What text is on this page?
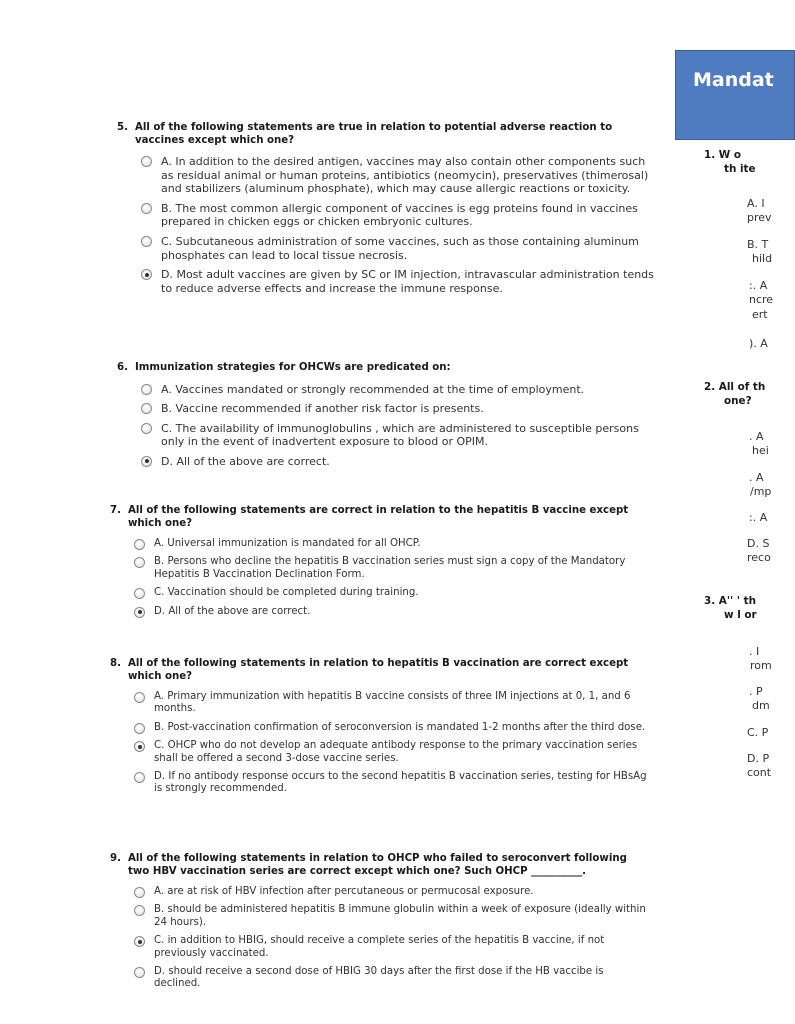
5. All of the following statements are true in relation to potential adverse reaction to vaccines except which one?
A. In addition to the desired antigen, vaccines may also contain other components such as residual animal or human proteins, antibiotics (neomycin), preservatives (thimerosal) and stabilizers (aluminum phosphate), which may cause allergic reactions or toxicity.
B. The most common allergic component of vaccines is egg proteins found in vaccines prepared in chicken eggs or chicken embryonic cultures.
C. Subcutaneous administration of some vaccines, such as those containing aluminum phosphates can lead to local tissue necrosis.
D. Most adult vaccines are given by SC or IM injection, intravascular administration tends to reduce adverse effects and increase the immune response.
6. Immunization strategies for OHCWs are predicated on:
A. Vaccines mandated or strongly recommended at the time of employment.
B. Vaccine recommended if another risk factor is presents.
C. The availability of immunoglobulins , which are administered to susceptible persons only in the event of inadvertent exposure to blood or OPIM.
D. All of the above are correct.
7. All of the following statements are correct in relation to the hepatitis B vaccine except which one?
A. Universal immunization is mandated for all OHCP.
B. Persons who decline the hepatitis B vaccination series must sign a copy of the Mandatory Hepatitis B Vaccination Declination Form.
C. Vaccination should be completed during training.
D. All of the above are correct.
8. All of the following statements in relation to hepatitis B vaccination are correct except which one?
A. Primary immunization with hepatitis B vaccine consists of three IM injections at 0, 1, and 6 months.
B. Post-vaccination confirmation of seroconversion is mandated 1-2 months after the third dose.
C. OHCP who do not develop an adequate antibody response to the primary vaccination series shall be offered a second 3-dose vaccine series.
D. If no antibody response occurs to the second hepatitis B vaccination series, testing for HBsAg is strongly recommended.
9. All of the following statements in relation to OHCP who failed to seroconvert following two HBV vaccination series are correct except which one? Such OHCP __________.
A. are at risk of HBV infection after percutaneous or permucosal exposure.
B. should be administered hepatitis B immune globulin within a week of exposure (ideally within 24 hours).
C. in addition to HBIG, should receive a complete series of the hepatitis B vaccine, if not previously vaccinated.
D. should receive a second dose of HBIG 30 days after the first dose if the HB vaccibe is declined.
Mandat
1. W o
th ite
A. I
prev
B. T
hild
:. A
ncre
ert
). A
2. All of th
one?
. A
hei
. A
/mp
:. A
D. S
reco
3. A'' ' th
w l or
. I
rom
. P
dm
C. P
D. P
cont
